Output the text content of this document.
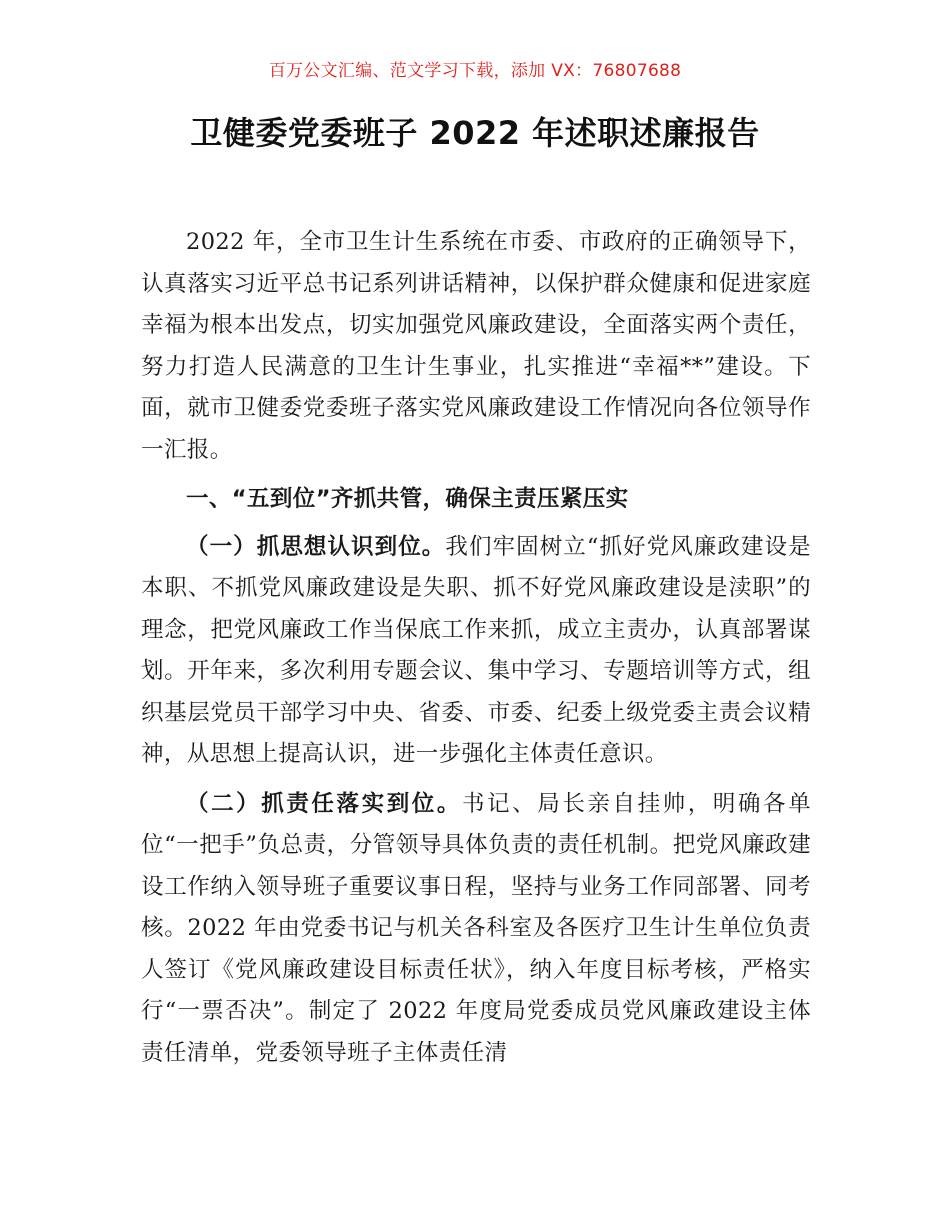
百万公文汇编、范文学习下载，添加 VX：76807688
卫健委党委班子 2022 年述职述廉报告

2022 年，全市卫生计生系统在市委、市政府的正确领导下，认真落实习近平总书记系列讲话精神，以保护群众健康和促进家庭幸福为根本出发点，切实加强党风廉政建设，全面落实两个责任，努力打造人民满意的卫生计生事业，扎实推进“幸福**”建设。下面，就市卫健委党委班子落实党风廉政建设工作情况向各位领导作一汇报。

一、“五到位”齐抓共管，确保主责压紧压实

（一）抓思想认识到位。我们牢固树立“抓好党风廉政建设是本职、不抓党风廉政建设是失职、抓不好党风廉政建设是渎职”的理念，把党风廉政工作当保底工作来抓，成立主责办，认真部署谋划。开年来，多次利用专题会议、集中学习、专题培训等方式，组织基层党员干部学习中央、省委、市委、纪委上级党委主责会议精神，从思想上提高认识，进一步强化主体责任意识。

（二）抓责任落实到位。书记、局长亲自挂帅，明确各单位“一把手”负总责，分管领导具体负责的责任机制。把党风廉政建设工作纳入领导班子重要议事日程，坚持与业务工作同部署、同考核。2022 年由党委书记与机关各科室及各医疗卫生计生单位负责人签订《党风廉政建设目标责任状》，纳入年度目标考核，严格实行“一票否决”。制定了 2022 年度局党委成员党风廉政建设主体责任清单，党委领导班子主体责任清
